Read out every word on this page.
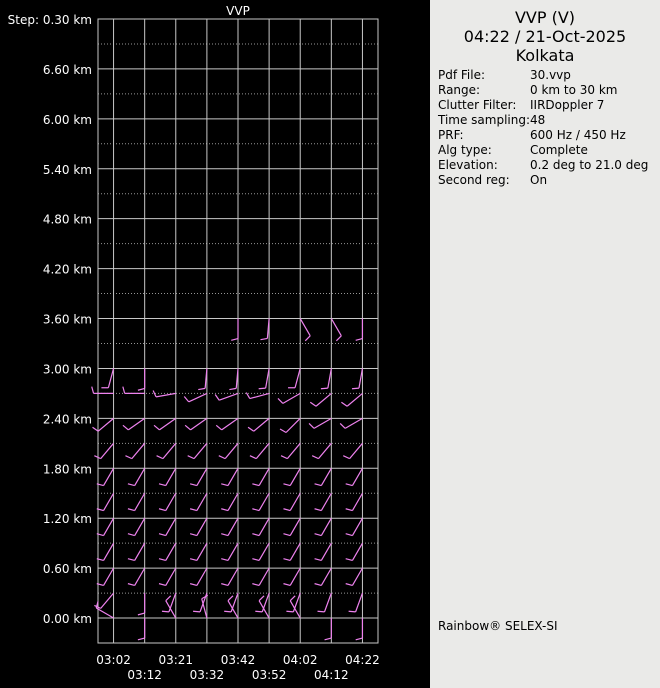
VVP
0.00 km
0.60 km
1.20 km
1.80 km
2.40 km
3.00 km
3.60 km
4.20 km
4.80 km
5.40 km
6.00 km
6.60 km
Step: 0.30 km
03:02 03:21 03:42 04:02 04:22
03:12 03:32 03:52 04:12
VVP (V)
04:22 / 21-Oct-2025
Kolkata
Pdf File:	30.vvp
Range:	0 km to 30 km
Clutter Filter: IIRDoppler 7
Time sampling: 48
PRF:	600 Hz / 450 Hz
Alg type:	Complete
Elevation:	0.2 deg to 21.0 deg
Second reg: On
Rainbow® SELEX-SI
